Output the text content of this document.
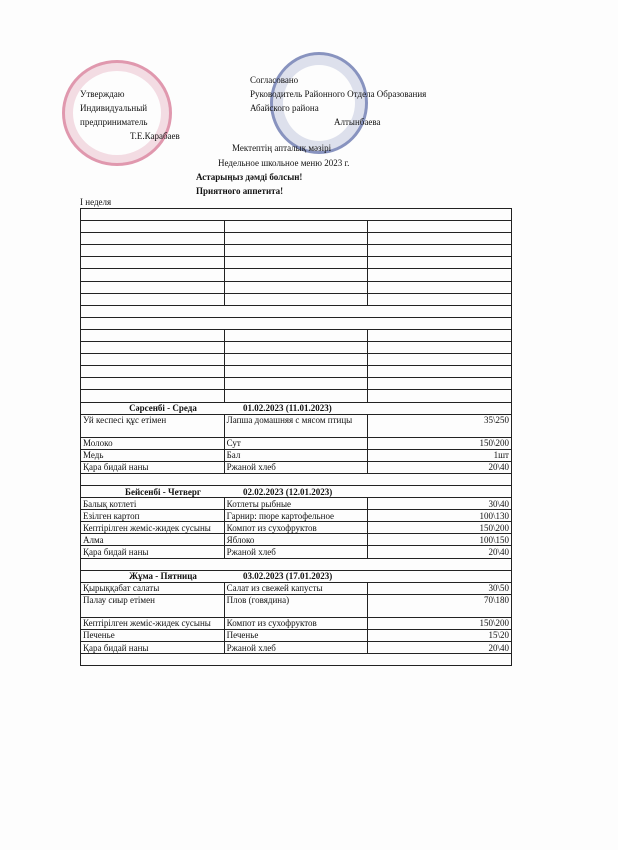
Утверждаю
Индивидуальный
предприниматель
Т.Е.Карабаев
Согласовано
Руководитель Районного Отдела Образования
Абайского района
Алтынбаева
Мектептің апталық мәзірі
Недельное школьное меню 2023 г.
Астарыңыз дәмді болсын!
Приятного аппетита!
I неделя

Сәрсенбі - Среда 01.02.2023 (11.01.2023)		
Уй кеспесі құс етімен	Лапша домашняя с мясом птицы	35\250
Молоко	Сут	150\200
Медь	Бал	1шт
Қара бидай наны	Ржаной хлеб	20\40

Бейсенбі - Четверг 02.02.2023 (12.01.2023)		
Балық котлеті	Котлеты рыбные	30\40
Езілген картоп	Гарнир: пюре картофельное	100\130
Кептірілген жеміс-жидек сусыны	Компот из сухофруктов	150\200
Алма	Яблоко	100\150
Қара бидай наны	Ржаной хлеб	20\40

Жұма - Пятница 03.02.2023 (17.01.2023)		
Қырыққабат салаты	Салат из свежей капусты	30\50
Палау сиыр етімен	Плов (говядина)	70\180
Кептірілген жеміс-жидек сусыны	Компот из сухофруктов	150\200
Печенье	Печенье	15\20
Қара бидай наны	Ржаной хлеб	20\40
